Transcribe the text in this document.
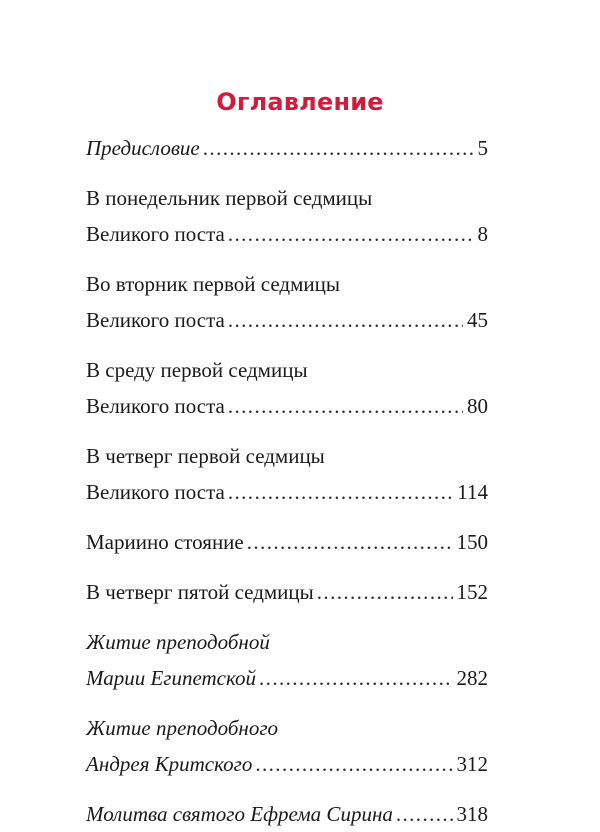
Оглавление
Предисловие .....	5
В понедельник первой седмицы
Великого поста .....	8
Во вторник первой седмицы
Великого поста .....	45
В среду первой седмицы
Великого поста .....	80
В четверг первой седмицы
Великого поста .....	114
Мариино стояние .....	150
В четверг пятой седмицы .....	152
Житие преподобной
Марии Египетской .....	282
Житие преподобного
Андрея Критского .....	312
Молитва святого Ефрема Сирина .....	318
